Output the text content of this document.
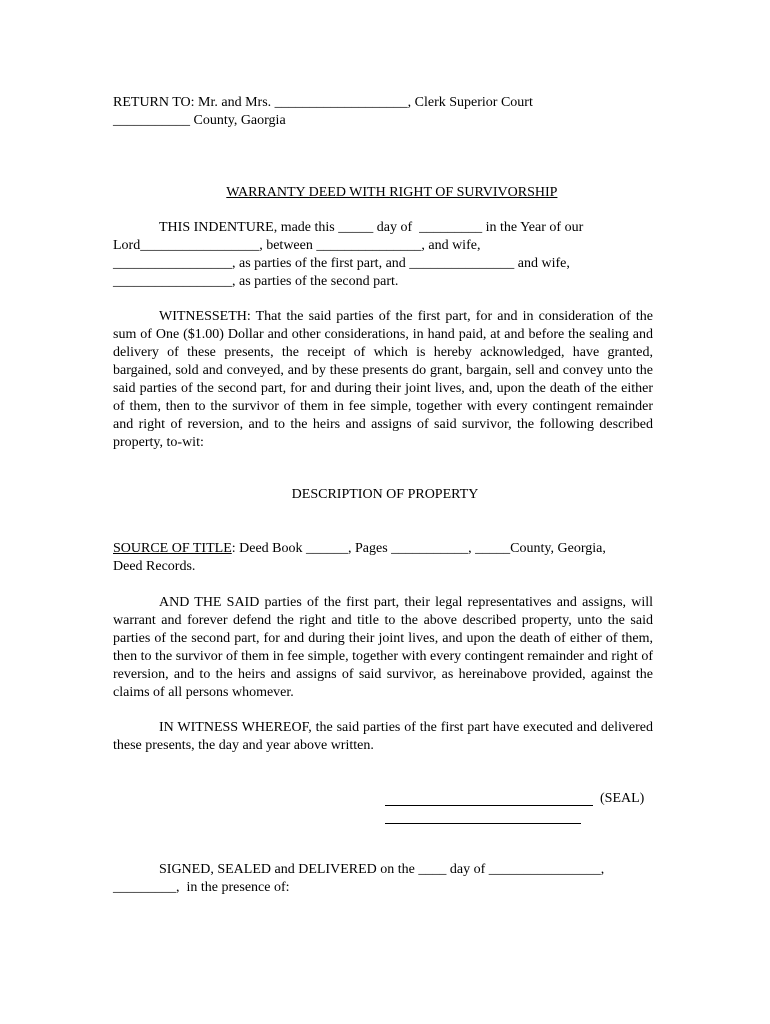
RETURN TO: Mr. and Mrs. ___________________, Clerk Superior Court
___________ County, Gaorgia

WARRANTY DEED WITH RIGHT OF SURVIVORSHIP

THIS INDENTURE, made this _____ day of  _________ in the Year of our
Lord_________________, between _______________, and wife,
_________________, as parties of the first part, and _______________ and wife,
_________________, as parties of the second part.
WITNESSETH: That the said parties of the first part, for and in consideration of the sum of One ($1.00) Dollar and other considerations, in hand paid, at and before the sealing and delivery of these presents, the receipt of which is hereby acknowledged, have granted, bargained, sold and conveyed, and by these presents do grant, bargain, sell and convey unto the said parties of the second part, for and during their joint lives, and, upon the death of the either of them, then to the survivor of them in fee simple, together with every contingent remainder and right of reversion, and to the heirs and assigns of said survivor, the following described property, to-wit:
DESCRIPTION OF PROPERTY
SOURCE OF TITLE: Deed Book ______, Pages ___________, _____County, Georgia,
Deed Records.
AND THE SAID parties of the first part, their legal representatives and assigns, will warrant and forever defend the right and title to the above described property, unto the said parties of the second part, for and during their joint lives, and upon the death of either of them, then to the survivor of them in fee simple, together with every contingent remainder and right of reversion, and to the heirs and assigns of said survivor, as hereinabove provided, against the claims of all persons whomever.
IN WITNESS WHEREOF, the said parties of the first part have executed and delivered these presents, the day and year above written.
(SEAL)
SIGNED, SEALED and DELIVERED on the ____ day of ________________,
_________,  in the presence of:
